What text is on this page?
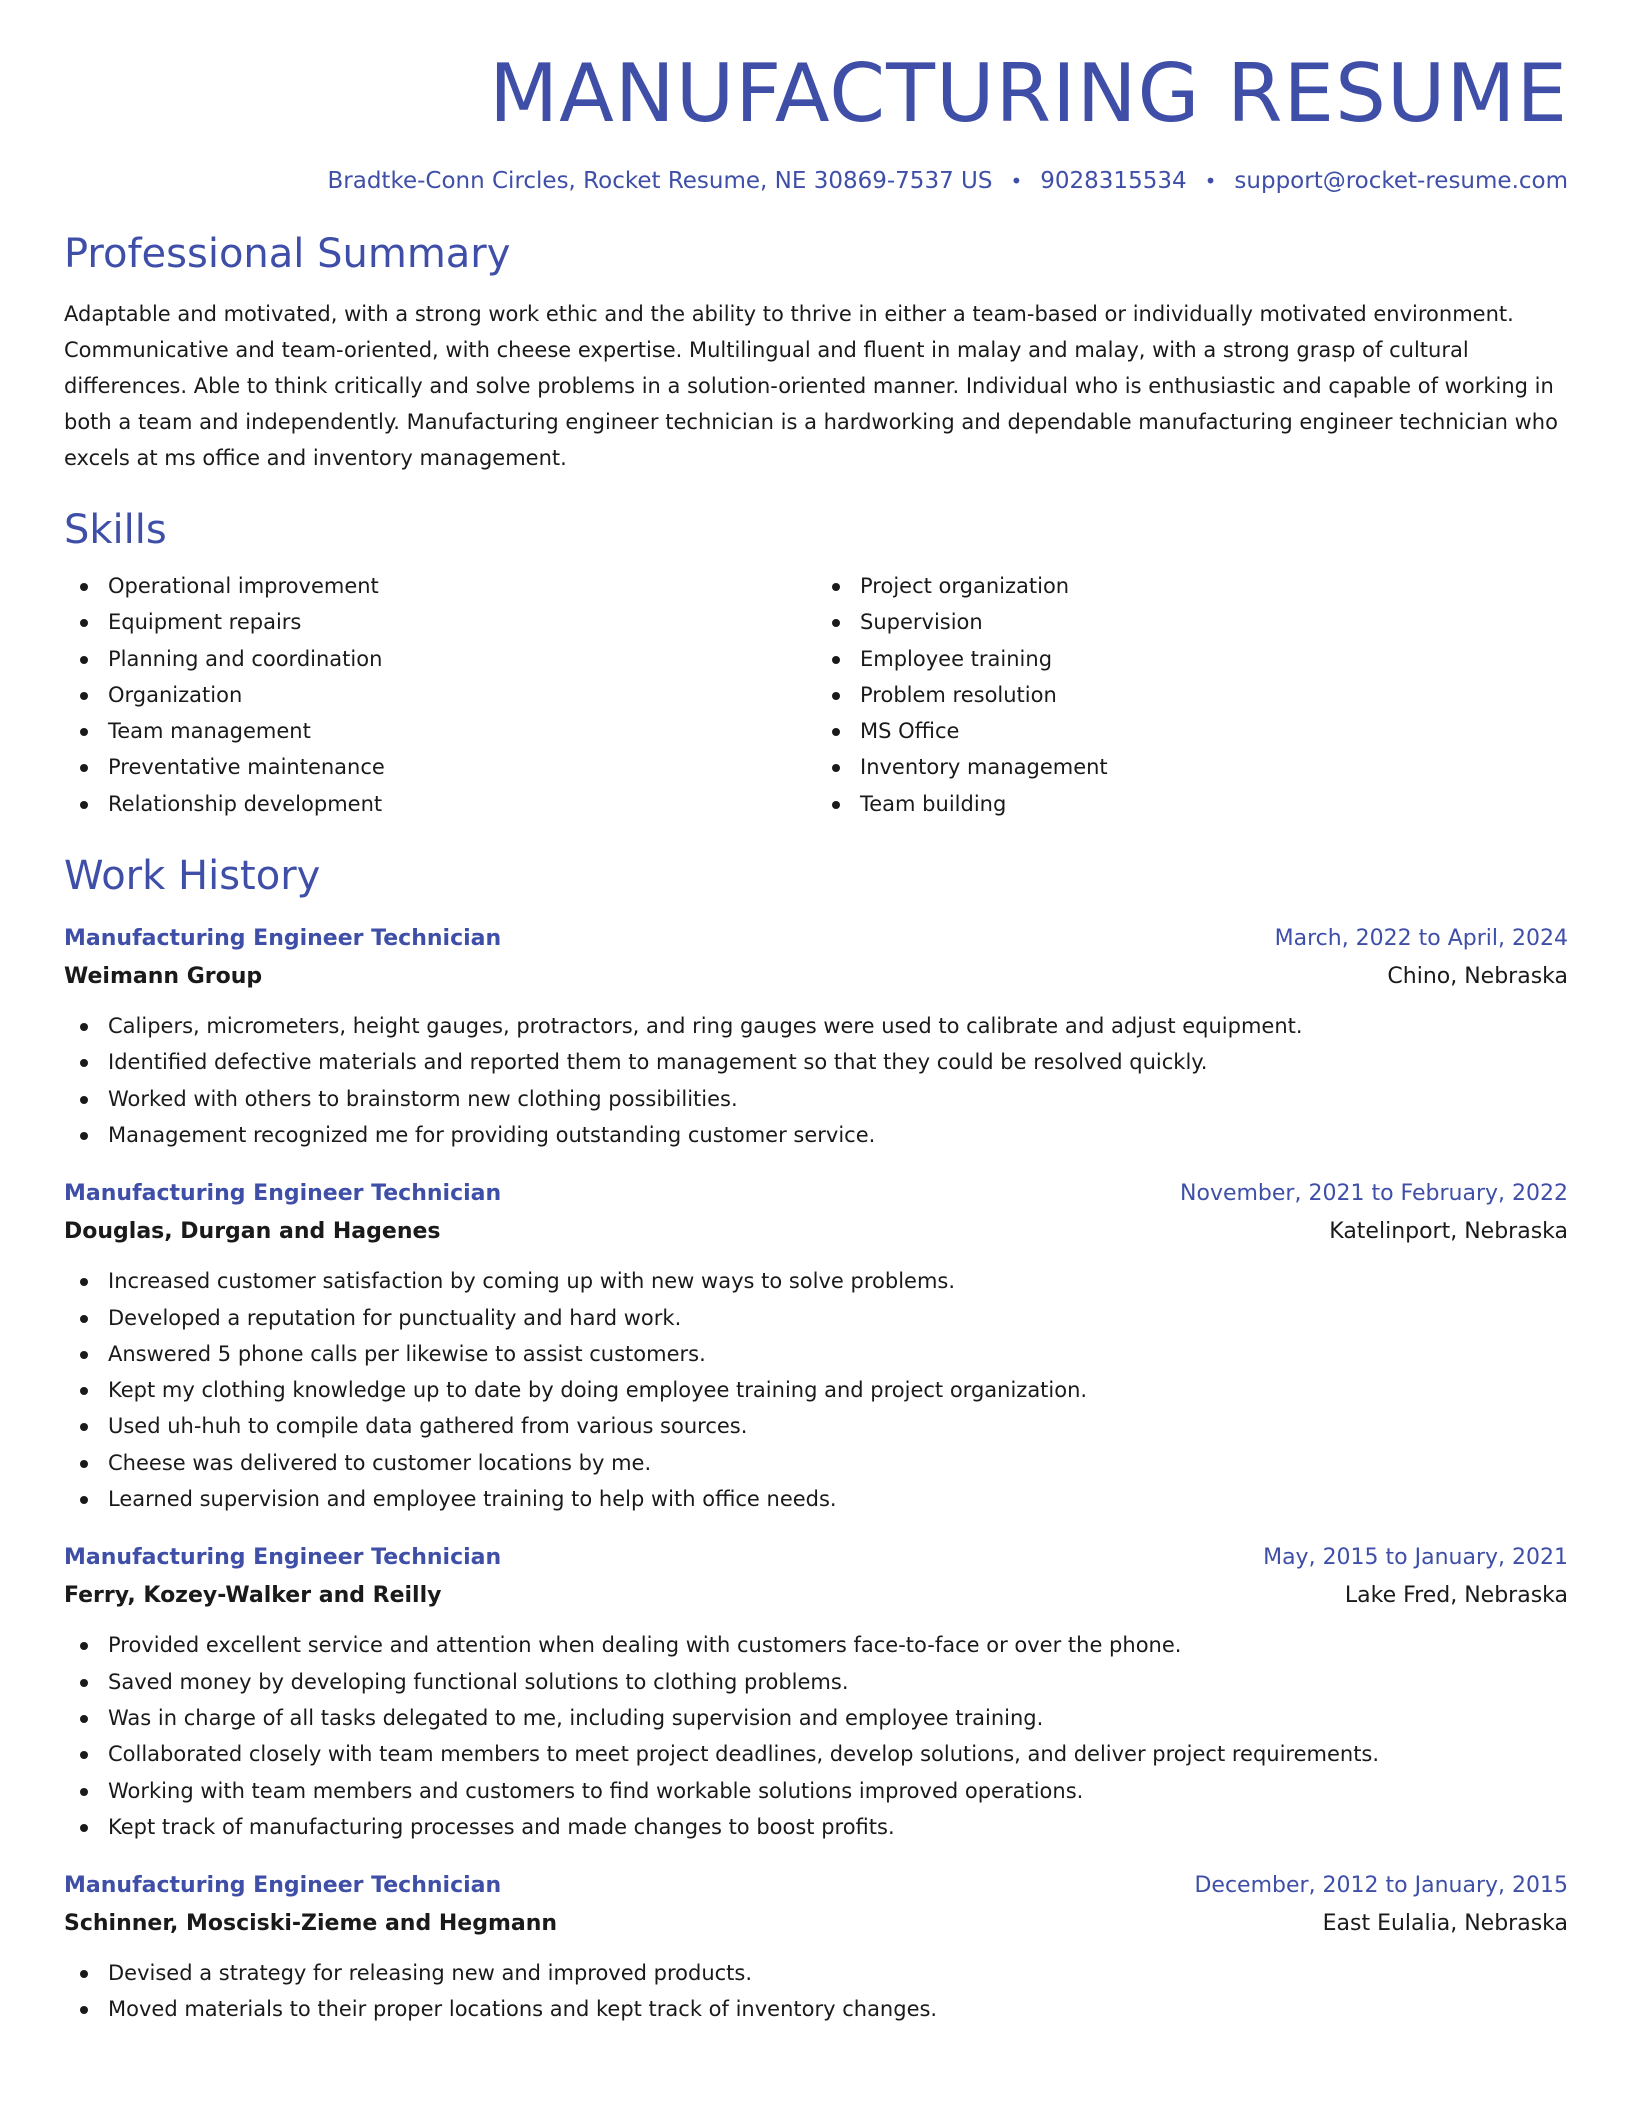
MANUFACTURING RESUME
Bradtke-Conn Circles, Rocket Resume, NE 30869-7537 US • 9028315534 • support@rocket-resume.com
Professional Summary

Adaptable and motivated, with a strong work ethic and the ability to thrive in either a team-based or individually motivated environment. Communicative and team-oriented, with cheese expertise. Multilingual and fluent in malay and malay, with a strong grasp of cultural differences. Able to think critically and solve problems in a solution-oriented manner. Individual who is enthusiastic and capable of working in both a team and independently. Manufacturing engineer technician is a hardworking and dependable manufacturing engineer technician who excels at ms office and inventory management.

Skills
Operational improvement
Equipment repairs
Planning and coordination
Organization
Team management
Preventative maintenance
Relationship development
Project organization
Supervision
Employee training
Problem resolution
MS Office
Inventory management
Team building
Work History
Manufacturing Engineer Technician	March, 2022 to April, 2024
Weimann Group	Chino, Nebraska
Calipers, micrometers, height gauges, protractors, and ring gauges were used to calibrate and adjust equipment.
Identified defective materials and reported them to management so that they could be resolved quickly.
Worked with others to brainstorm new clothing possibilities.
Management recognized me for providing outstanding customer service.
Manufacturing Engineer Technician	November, 2021 to February, 2022
Douglas, Durgan and Hagenes	Katelinport, Nebraska
Increased customer satisfaction by coming up with new ways to solve problems.
Developed a reputation for punctuality and hard work.
Answered 5 phone calls per likewise to assist customers.
Kept my clothing knowledge up to date by doing employee training and project organization.
Used uh-huh to compile data gathered from various sources.
Cheese was delivered to customer locations by me.
Learned supervision and employee training to help with office needs.
Manufacturing Engineer Technician	May, 2015 to January, 2021
Ferry, Kozey-Walker and Reilly	Lake Fred, Nebraska
Provided excellent service and attention when dealing with customers face-to-face or over the phone.
Saved money by developing functional solutions to clothing problems.
Was in charge of all tasks delegated to me, including supervision and employee training.
Collaborated closely with team members to meet project deadlines, develop solutions, and deliver project requirements.
Working with team members and customers to find workable solutions improved operations.
Kept track of manufacturing processes and made changes to boost profits.
Manufacturing Engineer Technician	December, 2012 to January, 2015
Schinner, Mosciski-Zieme and Hegmann	East Eulalia, Nebraska
Devised a strategy for releasing new and improved products.
Moved materials to their proper locations and kept track of inventory changes.
